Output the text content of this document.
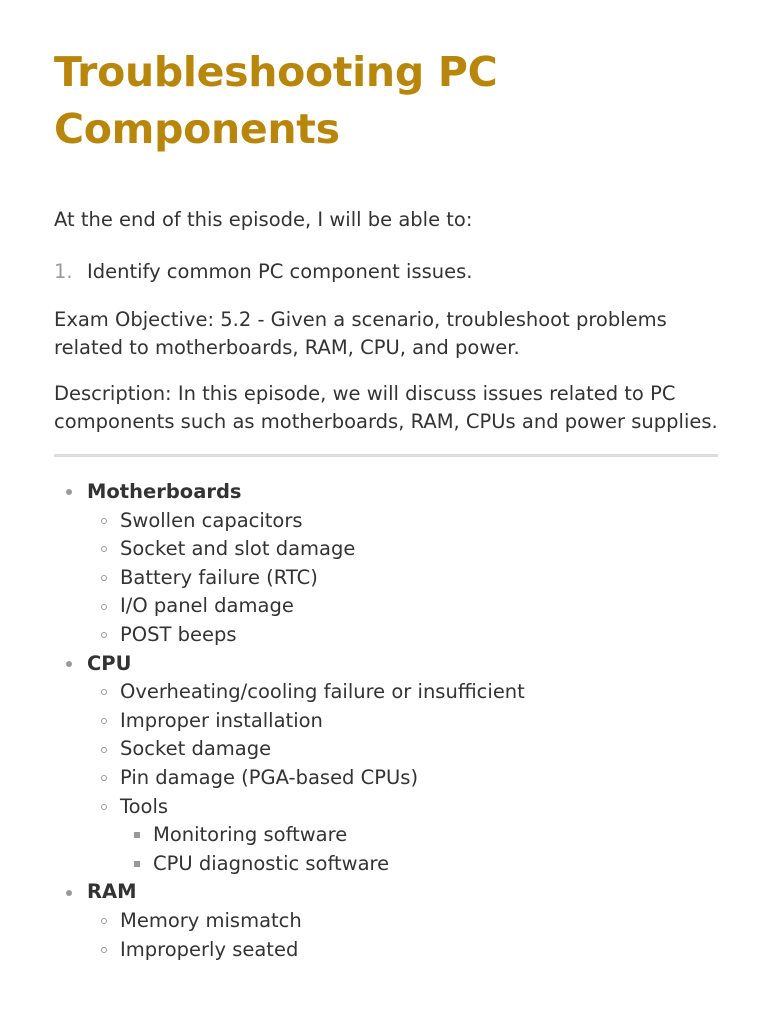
Troubleshooting PC
Components

At the end of this episode, I will be able to:

1. Identify common PC component issues.

Exam Objective: 5.2 - Given a scenario, troubleshoot problems
related to motherboards, RAM, CPU, and power.

Description: In this episode, we will discuss issues related to PC
components such as motherboards, RAM, CPUs and power supplies.

Motherboards
Swollen capacitors
Socket and slot damage
Battery failure (RTC)
I/O panel damage
POST beeps
CPU
Overheating/cooling failure or insufficient
Improper installation
Socket damage
Pin damage (PGA-based CPUs)
Tools
Monitoring software
CPU diagnostic software
RAM
Memory mismatch
Improperly seated
